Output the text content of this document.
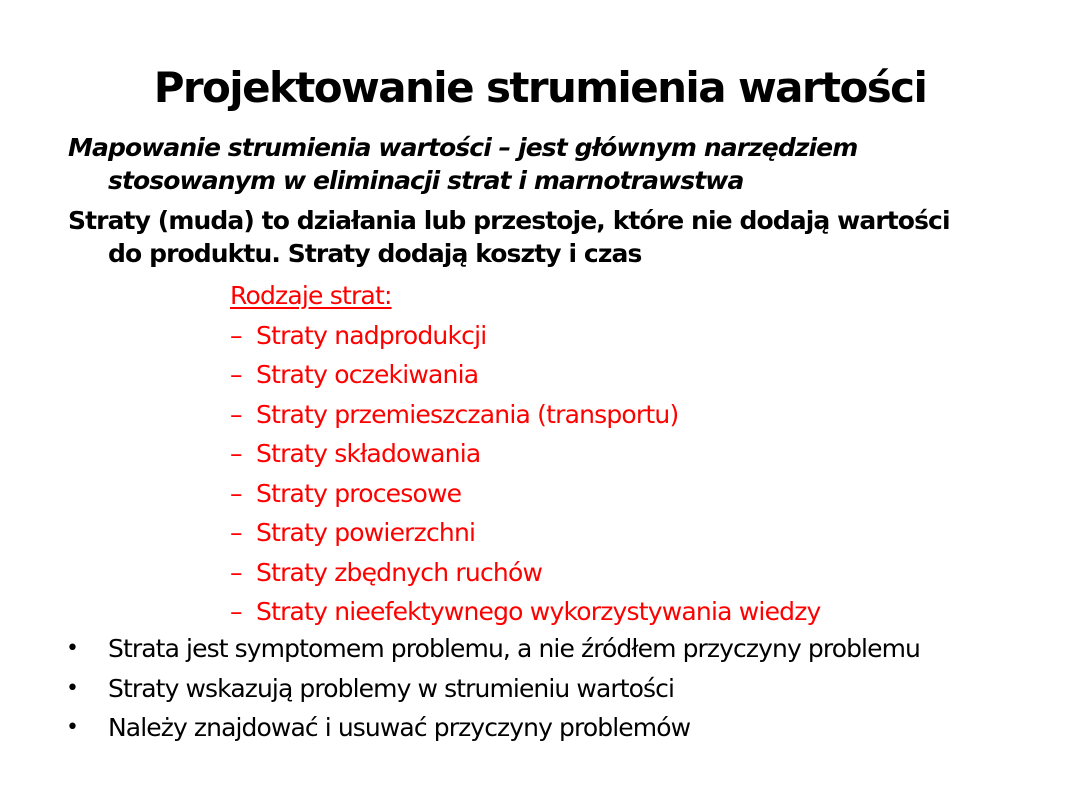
Projektowanie strumienia wartości
Mapowanie strumienia wartości – jest głównym narzędziem
stosowanym w eliminacji strat i marnotrawstwa
Straty (muda) to działania lub przestoje, które nie dodają wartości
do produktu. Straty dodają koszty i czas
Rodzaje strat:
– Straty nadprodukcji
– Straty oczekiwania
– Straty przemieszczania (transportu)
– Straty składowania
– Straty procesowe
– Straty powierzchni
– Straty zbędnych ruchów
– Straty nieefektywnego wykorzystywania wiedzy
•	Strata jest symptomem problemu, a nie źródłem przyczyny problemu
•	Straty wskazują problemy w strumieniu wartości
•	Należy znajdować i usuwać przyczyny problemów
